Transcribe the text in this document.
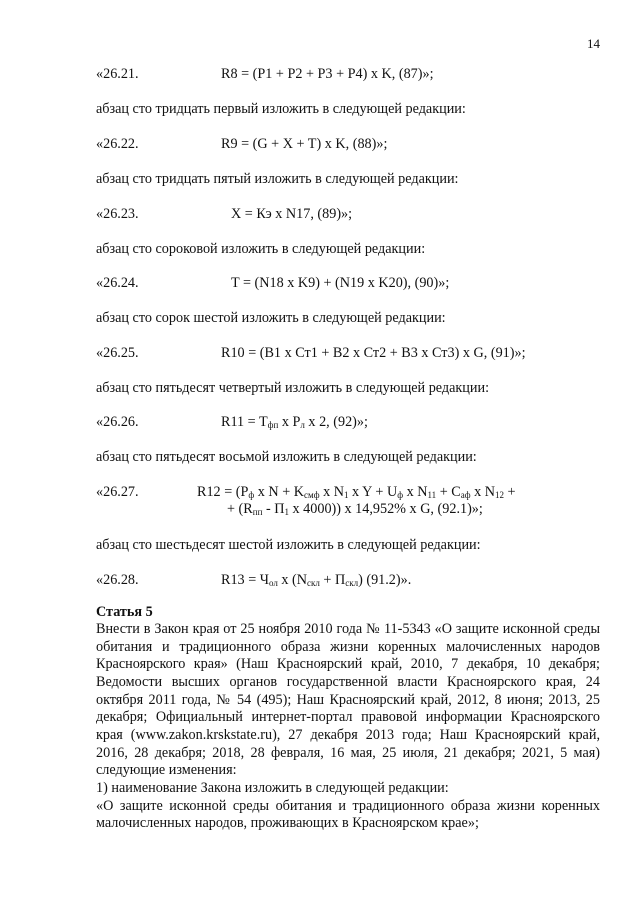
14
«26.21.	R8 = (P1 + P2 + P3 + P4) x K, (87)»;
абзац сто тридцать первый изложить в следующей редакции:
«26.22.	R9 = (G + X + T) x K, (88)»;
абзац сто тридцать пятый изложить в следующей редакции:
«26.23.	X = Кэ x N17, (89)»;
абзац сто сороковой изложить в следующей редакции:
«26.24.	T = (N18 x K9) + (N19 x K20), (90)»;
абзац сто сорок шестой изложить в следующей редакции:
«26.25.	R10 = (B1 x Ст1 + B2 x Ст2 + B3 x Ст3) x G, (91)»;
абзац сто пятьдесят четвертый изложить в следующей редакции:
«26.26.	$R11 = T_{фп}$ x $P_л$ x 2, (92)»;
абзац сто пятьдесят восьмой изложить в следующей редакции:
«26.27.	$R12 = (P_ф$ x $N + K_{смф}$ x $N_1$ x $Y + U_ф$ x $N_{11} + C_{аф}$ x $N_{12}$ +
+ ($R_{пп} - П_1$ x 4000)) x 14,952% x G, (92.1)»;
абзац сто шестьдесят шестой изложить в следующей редакции:
«26.28.	$R13 = Ч_{ол}$ x $(N_{скл} + П_{скл})$ (91.2)».
Статья 5

Внести в Закон края от 25 ноября 2010 года № 11-5343 «О защите исконной среды обитания и традиционного образа жизни коренных малочисленных народов Красноярского края» (Наш Красноярский край, 2010, 7 декабря, 10 декабря; Ведомости высших органов государственной власти Красноярского края, 24 октября 2011 года, № 54 (495); Наш Красноярский край, 2012, 8 июня; 2013, 25 декабря; Официальный интернет-портал правовой информации Красноярского края (www.zakon.krskstate.ru), 27 декабря 2013 года; Наш Красноярский край, 2016, 28 декабря; 2018, 28 февраля, 16 мая, 25 июля, 21 декабря; 2021, 5 мая) следующие изменения:

1) наименование Закона изложить в следующей редакции:

«О защите исконной среды обитания и традиционного образа жизни коренных малочисленных народов, проживающих в Красноярском крае»;
